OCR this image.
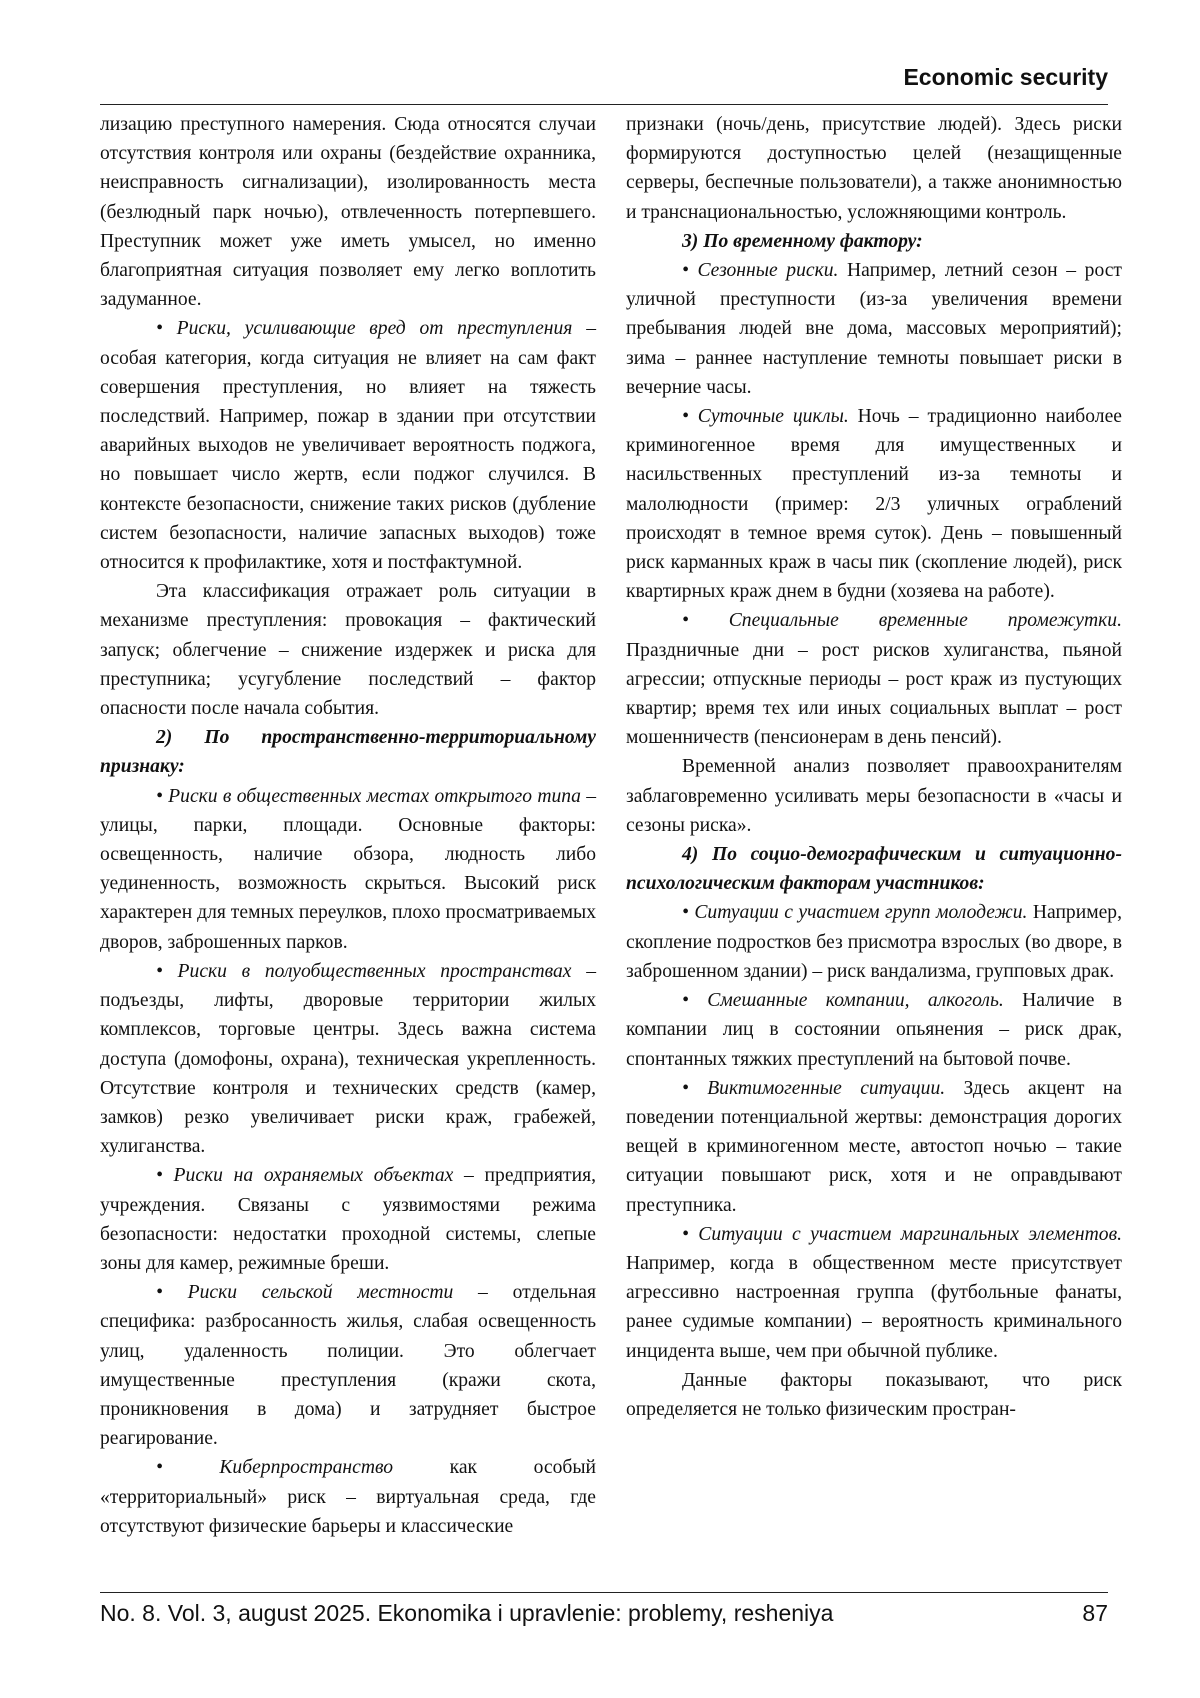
Economic security

лизацию преступного намерения. Сюда относятся случаи отсутствия контроля или охраны (бездействие охранника, неисправность сигнализации), изолированность места (безлюдный парк ночью), отвлеченность потерпевшего. Преступник может уже иметь умысел, но именно благоприятная ситуация позволяет ему легко воплотить задуманное.

• Риски, усиливающие вред от преступления – особая категория, когда ситуация не влияет на сам факт совершения преступления, но влияет на тяжесть последствий. Например, пожар в здании при отсутствии аварийных выходов не увеличивает вероятность поджога, но повышает число жертв, если поджог случился. В контексте безопасности, снижение таких рисков (дубление систем безопасности, наличие запасных выходов) тоже относится к профилактике, хотя и постфактумной.

Эта классификация отражает роль ситуации в механизме преступления: провокация – фактический запуск; облегчение – снижение издержек и риска для преступника; усугубление последствий – фактор опасности после начала события.

2) По пространственно-территориальному признаку:

• Риски в общественных местах открытого типа – улицы, парки, площади. Основные факторы: освещенность, наличие обзора, людность либо уединенность, возможность скрыться. Высокий риск характерен для темных переулков, плохо просматриваемых дворов, заброшенных парков.

• Риски в полуобщественных пространствах – подъезды, лифты, дворовые территории жилых комплексов, торговые центры. Здесь важна система доступа (домофоны, охрана), техническая укрепленность. Отсутствие контроля и технических средств (камер, замков) резко увеличивает риски краж, грабежей, хулиганства.

• Риски на охраняемых объектах – предприятия, учреждения. Связаны с уязвимостями режима безопасности: недостатки проходной системы, слепые зоны для камер, режимные бреши.

• Риски сельской местности – отдельная специфика: разбросанность жилья, слабая освещенность улиц, удаленность полиции. Это облегчает имущественные преступления (кражи скота, проникновения в дома) и затрудняет быстрое реагирование.

• Киберпространство как особый «территориальный» риск – виртуальная среда, где отсутствуют физические барьеры и классические

признаки (ночь/день, присутствие людей). Здесь риски формируются доступностью целей (незащищенные серверы, беспечные пользователи), а также анонимностью и транснациональностью, усложняющими контроль.

3) По временному фактору:

• Сезонные риски. Например, летний сезон – рост уличной преступности (из-за увеличения времени пребывания людей вне дома, массовых мероприятий); зима – раннее наступление темноты повышает риски в вечерние часы.

• Суточные циклы. Ночь – традиционно наиболее криминогенное время для имущественных и насильственных преступлений из-за темноты и малолюдности (пример: 2/3 уличных ограблений происходят в темное время суток). День – повышенный риск карманных краж в часы пик (скопление людей), риск квартирных краж днем в будни (хозяева на работе).

• Специальные временные промежутки. Праздничные дни – рост рисков хулиганства, пьяной агрессии; отпускные периоды – рост краж из пустующих квартир; время тех или иных социальных выплат – рост мошенничеств (пенсионерам в день пенсий).

Временной анализ позволяет правоохранителям заблаговременно усиливать меры безопасности в «часы и сезоны риска».

4) По социо-демографическим и ситуационно-психологическим факторам участников:

• Ситуации с участием групп молодежи. Например, скопление подростков без присмотра взрослых (во дворе, в заброшенном здании) – риск вандализма, групповых драк.

• Смешанные компании, алкоголь. Наличие в компании лиц в состоянии опьянения – риск драк, спонтанных тяжких преступлений на бытовой почве.

• Виктимогенные ситуации. Здесь акцент на поведении потенциальной жертвы: демонстрация дорогих вещей в криминогенном месте, автостоп ночью – такие ситуации повышают риск, хотя и не оправдывают преступника.

• Ситуации с участием маргинальных элементов. Например, когда в общественном месте присутствует агрессивно настроенная группа (футбольные фанаты, ранее судимые компании) – вероятность криминального инцидента выше, чем при обычной публике.

Данные факторы показывают, что риск определяется не только физическим простран-

No. 8. Vol. 3, august 2025. Ekonomika i upravlenie: problemy, resheniya	87
